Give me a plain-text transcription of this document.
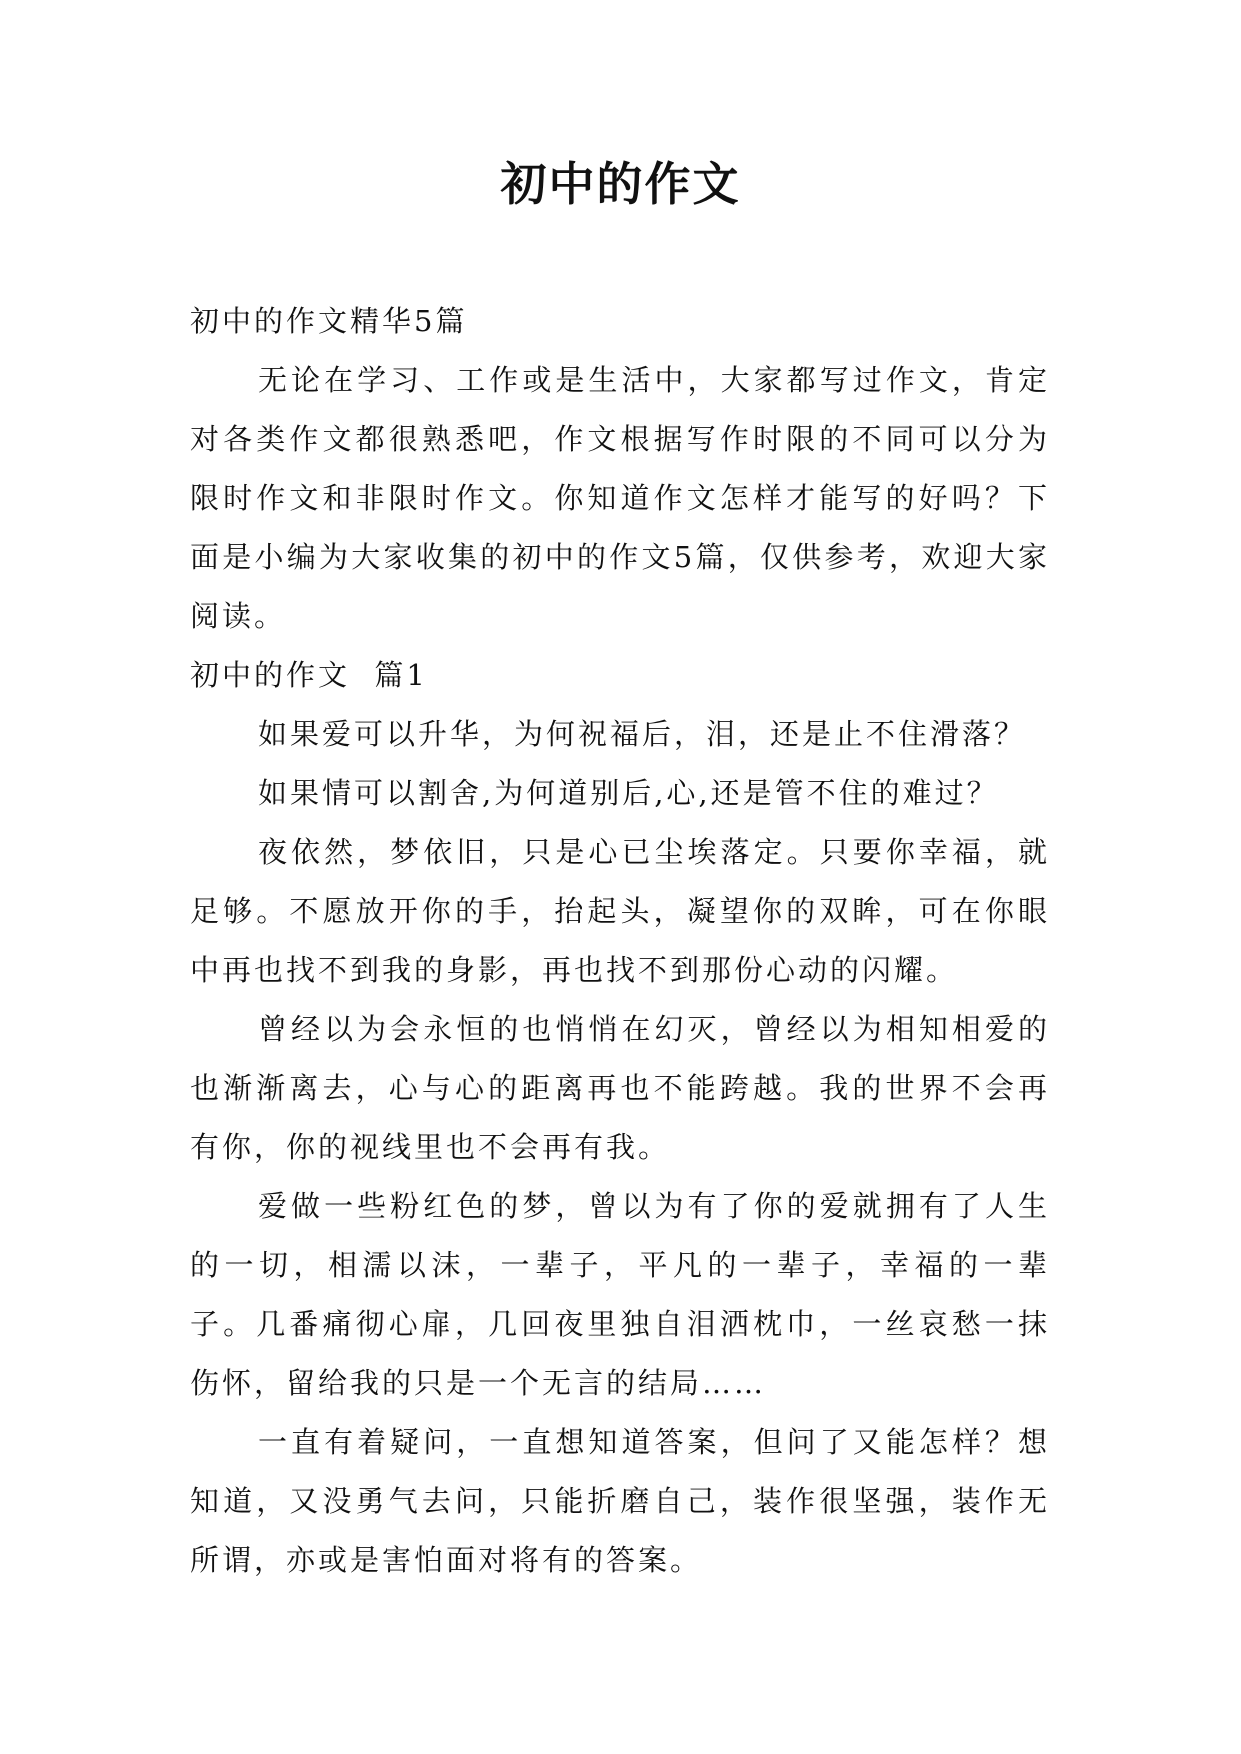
初中的作文

初中的作文精华5篇

无论在学习、工作或是生活中，大家都写过作文，肯定对各类作文都很熟悉吧，作文根据写作时限的不同可以分为限时作文和非限时作文。你知道作文怎样才能写的好吗？下面是小编为大家收集的初中的作文5篇，仅供参考，欢迎大家阅读。

初中的作文  篇1

如果爱可以升华，为何祝福后，泪，还是止不住滑落？

如果情可以割舍,为何道别后,心,还是管不住的难过？

夜依然，梦依旧，只是心已尘埃落定。只要你幸福，就足够。不愿放开你的手，抬起头，凝望你的双眸，可在你眼中再也找不到我的身影，再也找不到那份心动的闪耀。

曾经以为会永恒的也悄悄在幻灭，曾经以为相知相爱的也渐渐离去，心与心的距离再也不能跨越。我的世界不会再有你，你的视线里也不会再有我。

爱做一些粉红色的梦，曾以为有了你的爱就拥有了人生的一切，相濡以沫，一辈子，平凡的一辈子，幸福的一辈子。几番痛彻心扉，几回夜里独自泪洒枕巾，一丝哀愁一抹伤怀，留给我的只是一个无言的结局……

一直有着疑问，一直想知道答案，但问了又能怎样？想知道，又没勇气去问，只能折磨自己，装作很坚强，装作无所谓，亦或是害怕面对将有的答案。
